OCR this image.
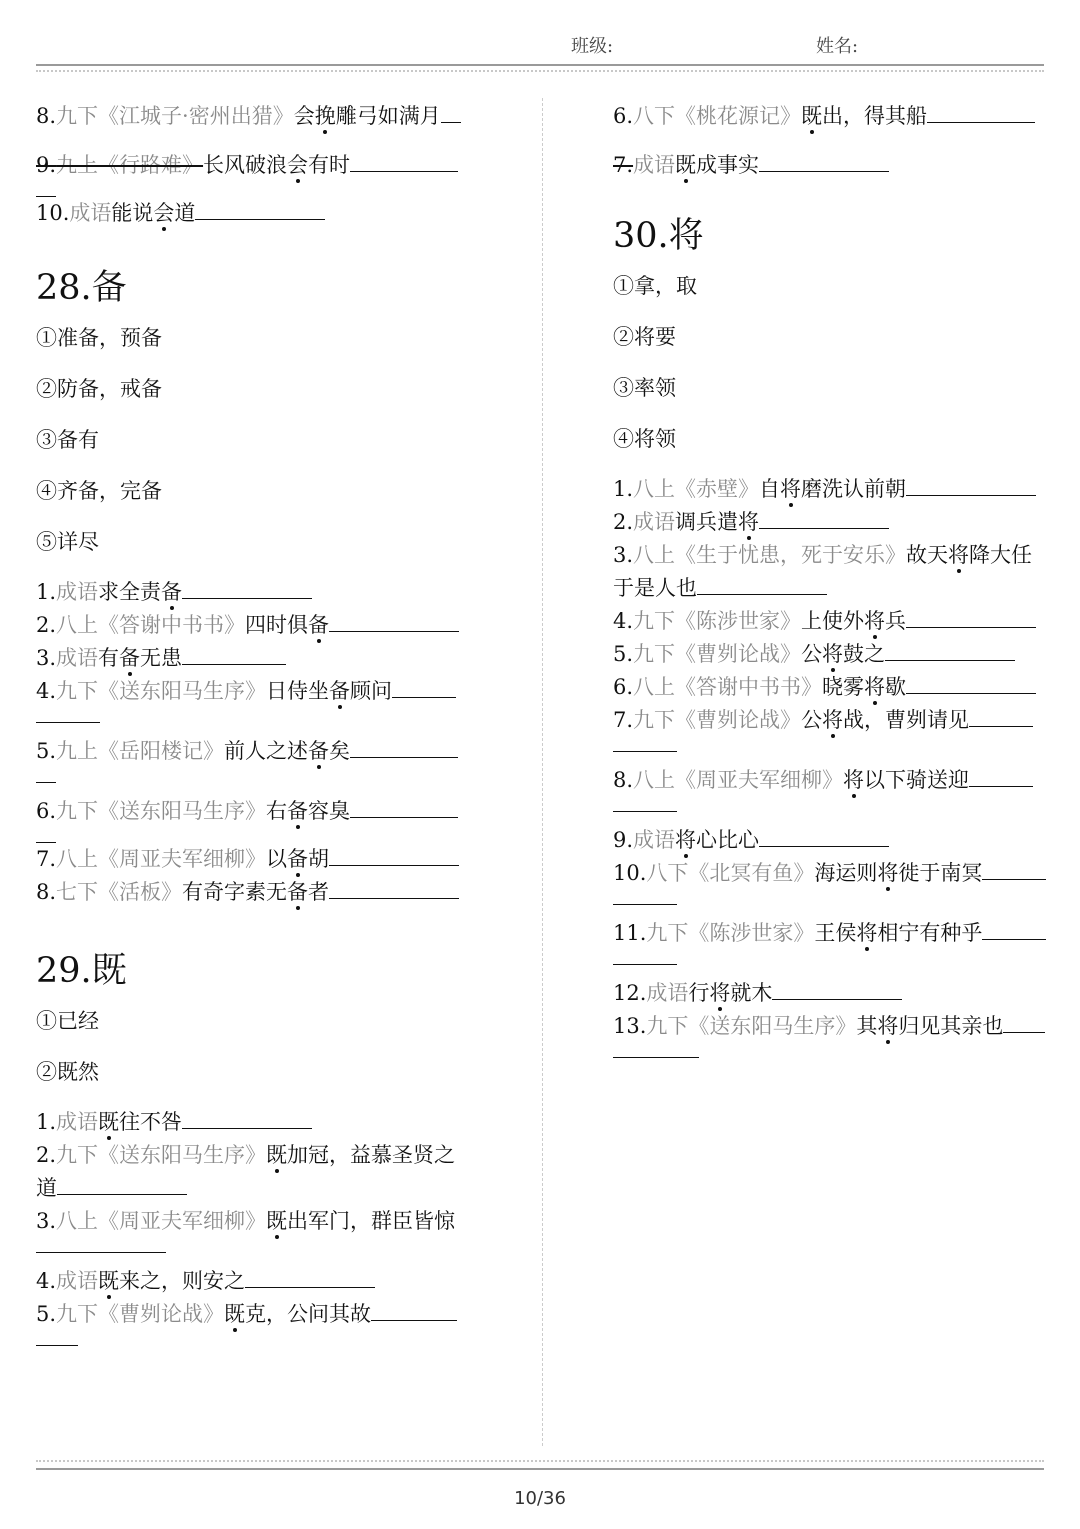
班级:	姓名:

8.九下《江城子·密州出猎》会挽雕弓如满月

9.九上《行路难》长风破浪会有时

10.成语能说会道

28.备

①准备，预备

②防备，戒备

③备有

④齐备，完备

⑤详尽

1.成语求全责备

2.八上《答谢中书书》四时俱备

3.成语有备无患

4.九下《送东阳马生序》日侍坐备顾问

5.九上《岳阳楼记》前人之述备矣

6.九下《送东阳马生序》右备容臭

7.八上《周亚夫军细柳》以备胡

8.七下《活板》有奇字素无备者

29.既

①已经

②既然

1.成语既往不咎

2.九下《送东阳马生序》既加冠，益慕圣贤之

道

3.八上《周亚夫军细柳》既出军门，群臣皆惊

4.成语既来之，则安之

5.九下《曹刿论战》既克，公问其故

6.八下《桃花源记》既出，得其船

7.成语既成事实

30.将

①拿，取

②将要

③率领

④将领

1.八上《赤壁》自将磨洗认前朝

2.成语调兵遣将

3.八上《生于忧患，死于安乐》故天将降大任

于是人也

4.九下《陈涉世家》上使外将兵

5.九下《曹刿论战》公将鼓之

6.八上《答谢中书书》晓雾将歇

7.九下《曹刿论战》公将战，曹刿请见

8.八上《周亚夫军细柳》将以下骑送迎

9.成语将心比心

10.八下《北冥有鱼》海运则将徙于南冥

11.九下《陈涉世家》王侯将相宁有种乎

12.成语行将就木

13.九下《送东阳马生序》其将归见其亲也

10/36
